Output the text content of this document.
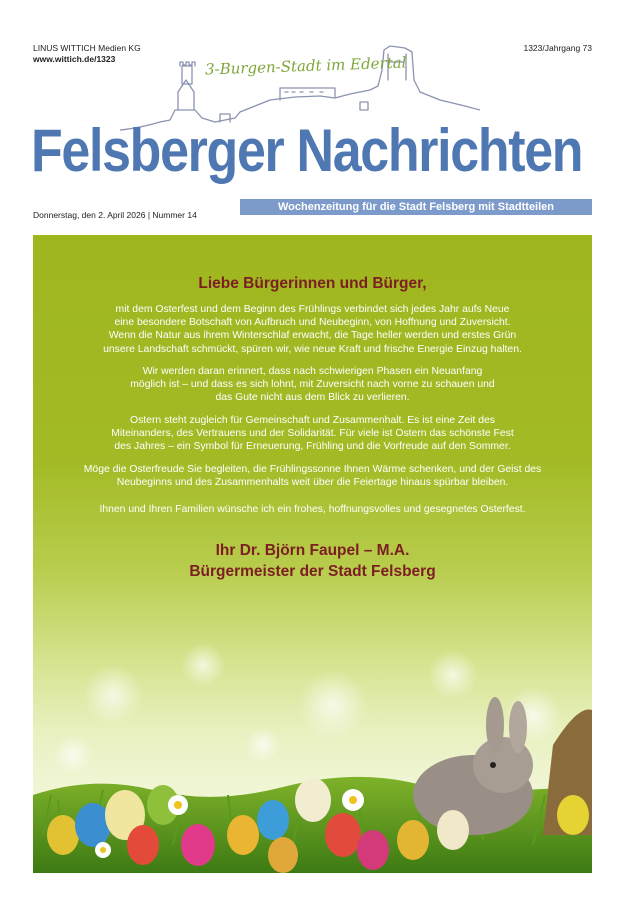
LINUS WITTICH Medien KG
www.wittich.de/1323
1323/Jahrgang 73
3-Burgen-Stadt im Edertal
Felsberger Nachrichten
Wochenzeitung für die Stadt Felsberg mit Stadtteilen
Donnerstag, den 2. April 2026 | Nummer 14
Liebe Bürgerinnen und Bürger,
mit dem Osterfest und dem Beginn des Frühlings verbindet sich jedes Jahr aufs Neue
eine besondere Botschaft von Aufbruch und Neubeginn, von Hoffnung und Zuversicht.
Wenn die Natur aus ihrem Winterschlaf erwacht, die Tage heller werden und erstes Grün
unsere Landschaft schmückt, spüren wir, wie neue Kraft und frische Energie Einzug halten.
Wir werden daran erinnert, dass nach schwierigen Phasen ein Neuanfang
möglich ist – und dass es sich lohnt, mit Zuversicht nach vorne zu schauen und
das Gute nicht aus dem Blick zu verlieren.
Ostern steht zugleich für Gemeinschaft und Zusammenhalt. Es ist eine Zeit des
Miteinanders, des Vertrauens und der Solidarität. Für viele ist Ostern das schönste Fest
des Jahres – ein Symbol für Erneuerung, Frühling und die Vorfreude auf den Sommer.
Möge die Osterfreude Sie begleiten, die Frühlingssonne Ihnen Wärme schenken, und der Geist des
Neubeginns und des Zusammenhalts weit über die Feiertage hinaus spürbar bleiben.
Ihnen und Ihren Familien wünsche ich ein frohes, hoffnungsvolles und gesegnetes Osterfest.
Ihr Dr. Björn Faupel – M.A.
Bürgermeister der Stadt Felsberg
